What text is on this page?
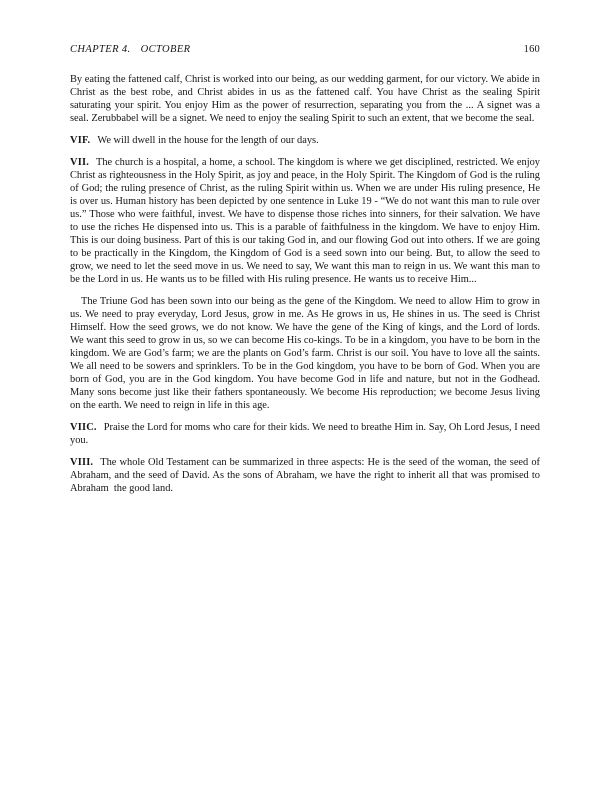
CHAPTER 4. OCTOBER	160

By eating the fattened calf, Christ is worked into our being, as our wedding garment, for our victory. We abide in Christ as the best robe, and Christ abides in us as the fattened calf. You have Christ as the sealing Spirit saturating your spirit. You enjoy Him as the power of resurrection, separating you from the ... A signet was a seal. Zerubbabel will be a signet. We need to enjoy the sealing Spirit to such an extent, that we become the seal.

VIF. We will dwell in the house for the length of our days.

VII. The church is a hospital, a home, a school. The kingdom is where we get disciplined, restricted. We enjoy Christ as righteousness in the Holy Spirit, as joy and peace, in the Holy Spirit. The Kingdom of God is the ruling of God; the ruling presence of Christ, as the ruling Spirit within us. When we are under His ruling presence, He is over us. Human history has been depicted by one sentence in Luke 19 - “We do not want this man to rule over us.” Those who were faithful, invest. We have to dispense those riches into sinners, for their salvation. We have to use the riches He dispensed into us. This is a parable of faithfulness in the kingdom. We have to enjoy Him. This is our doing business. Part of this is our taking God in, and our flowing God out into others. If we are going to be practically in the Kingdom, the Kingdom of God is a seed sown into our being. But, to allow the seed to grow, we need to let the seed move in us. We need to say, We want this man to reign in us. We want this man to be the Lord in us. He wants us to be filled with His ruling presence. He wants us to receive Him...

The Triune God has been sown into our being as the gene of the Kingdom. We need to allow Him to grow in us. We need to pray everyday, Lord Jesus, grow in me. As He grows in us, He shines in us. The seed is Christ Himself. How the seed grows, we do not know. We have the gene of the King of kings, and the Lord of lords. We want this seed to grow in us, so we can become His co-kings. To be in a kingdom, you have to be born in the kingdom. We are God’s farm; we are the plants on God’s farm. Christ is our soil. You have to love all the saints. We all need to be sowers and sprinklers. To be in the God kingdom, you have to be born of God. When you are born of God, you are in the God kingdom. You have become God in life and nature, but not in the Godhead. Many sons become just like their fathers spontaneously. We become His reproduction; we become Jesus living on the earth. We need to reign in life in this age.

VIIC. Praise the Lord for moms who care for their kids. We need to breathe Him in. Say, Oh Lord Jesus, I need you.

VIII. The whole Old Testament can be summarized in three aspects: He is the seed of the woman, the seed of Abraham, and the seed of David. As the sons of Abraham, we have the right to inherit all that was promised to Abraham the good land.
